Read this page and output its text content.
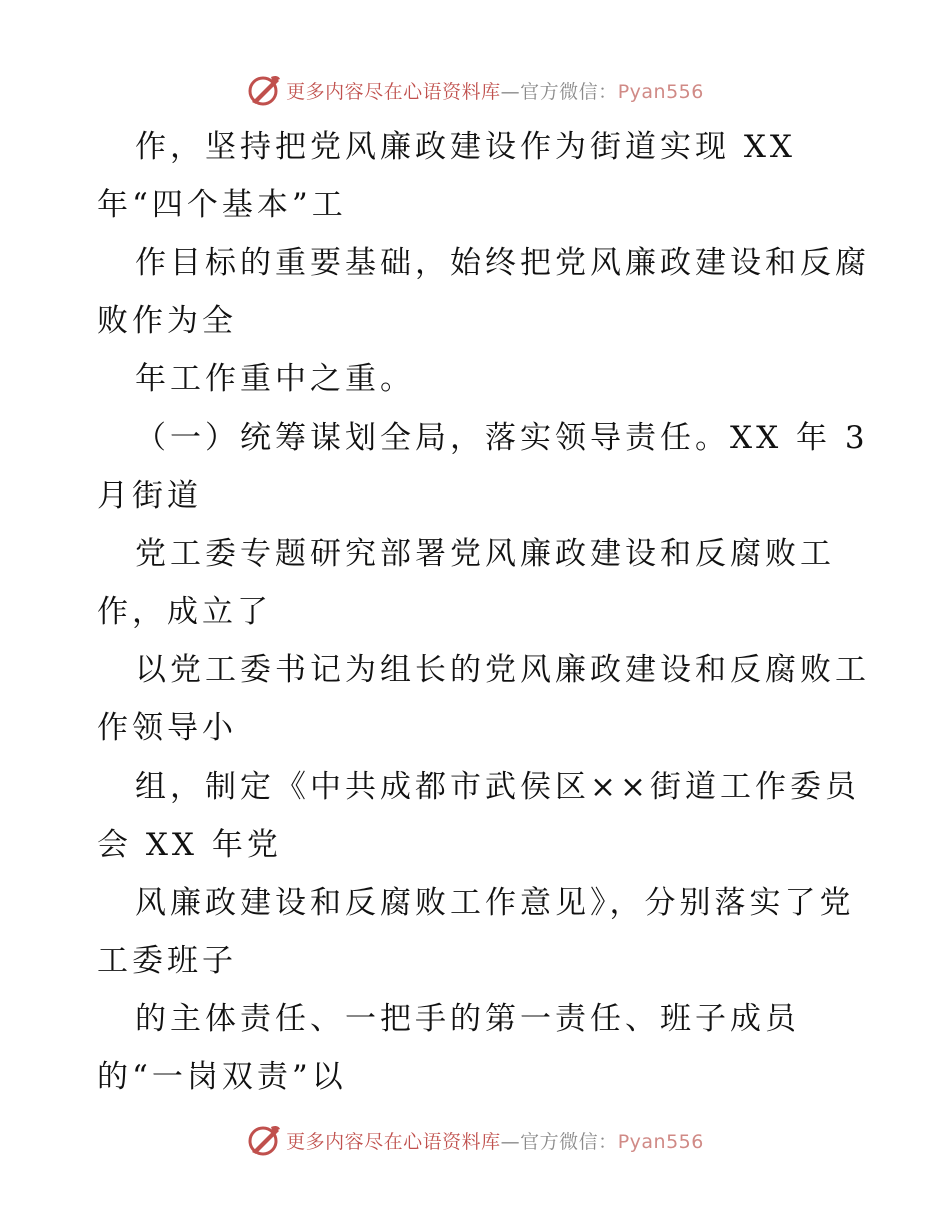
更多内容尽在心语资料库—官方微信：Pyan556
作，坚持把党风廉政建设作为街道实现 XX
年“四个基本”工
作目标的重要基础，始终把党风廉政建设和反腐
败作为全
年工作重中之重。
（一）统筹谋划全局，落实领导责任。XX 年 3
月街道
党工委专题研究部署党风廉政建设和反腐败工
作，成立了
以党工委书记为组长的党风廉政建设和反腐败工
作领导小
组，制定《中共成都市武侯区××街道工作委员
会 XX 年党
风廉政建设和反腐败工作意见》，分别落实了党
工委班子
的主体责任、一把手的第一责任、班子成员
的“一岗双责”以
更多内容尽在心语资料库—官方微信：Pyan556
